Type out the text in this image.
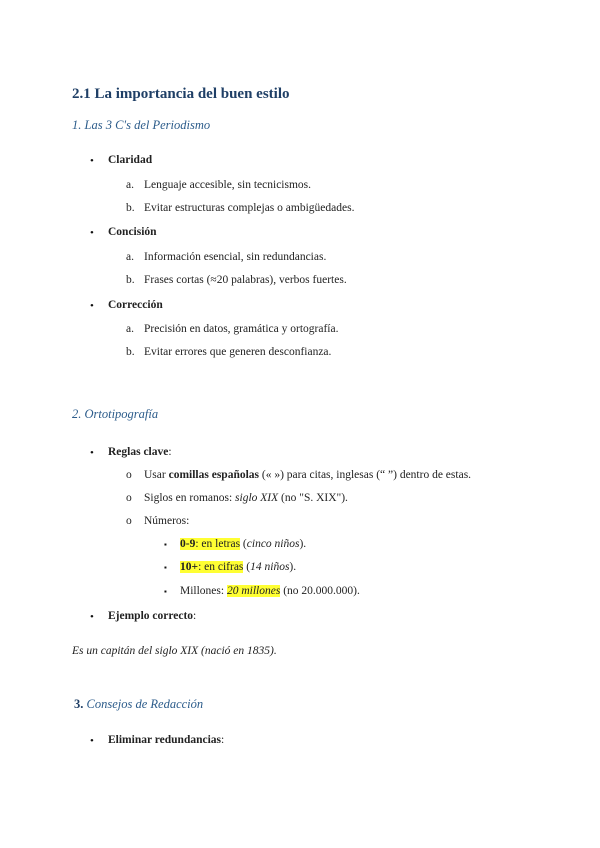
2.1 La importancia del buen estilo
1. Las 3 C's del Periodismo
• Claridad
a. Lenguaje accesible, sin tecnicismos.
b. Evitar estructuras complejas o ambigüedades.
• Concisión
a. Información esencial, sin redundancias.
b. Frases cortas (≈20 palabras), verbos fuertes.
• Corrección
a. Precisión en datos, gramática y ortografía.
b. Evitar errores que generen desconfianza.
2. Ortotipografía
• Reglas clave:
o Usar comillas españolas (« ») para citas, inglesas (“ ”) dentro de estas.
o Siglos en romanos: siglo XIX (no "S. XIX").
o Números:
▪ 0-9: en letras (cinco niños).
▪ 10+: en cifras (14 niños).
▪ Millones: 20 millones (no 20.000.000).
• Ejemplo correcto:
Es un capitán del siglo XIX (nació en 1835).
3. Consejos de Redacción
• Eliminar redundancias:
